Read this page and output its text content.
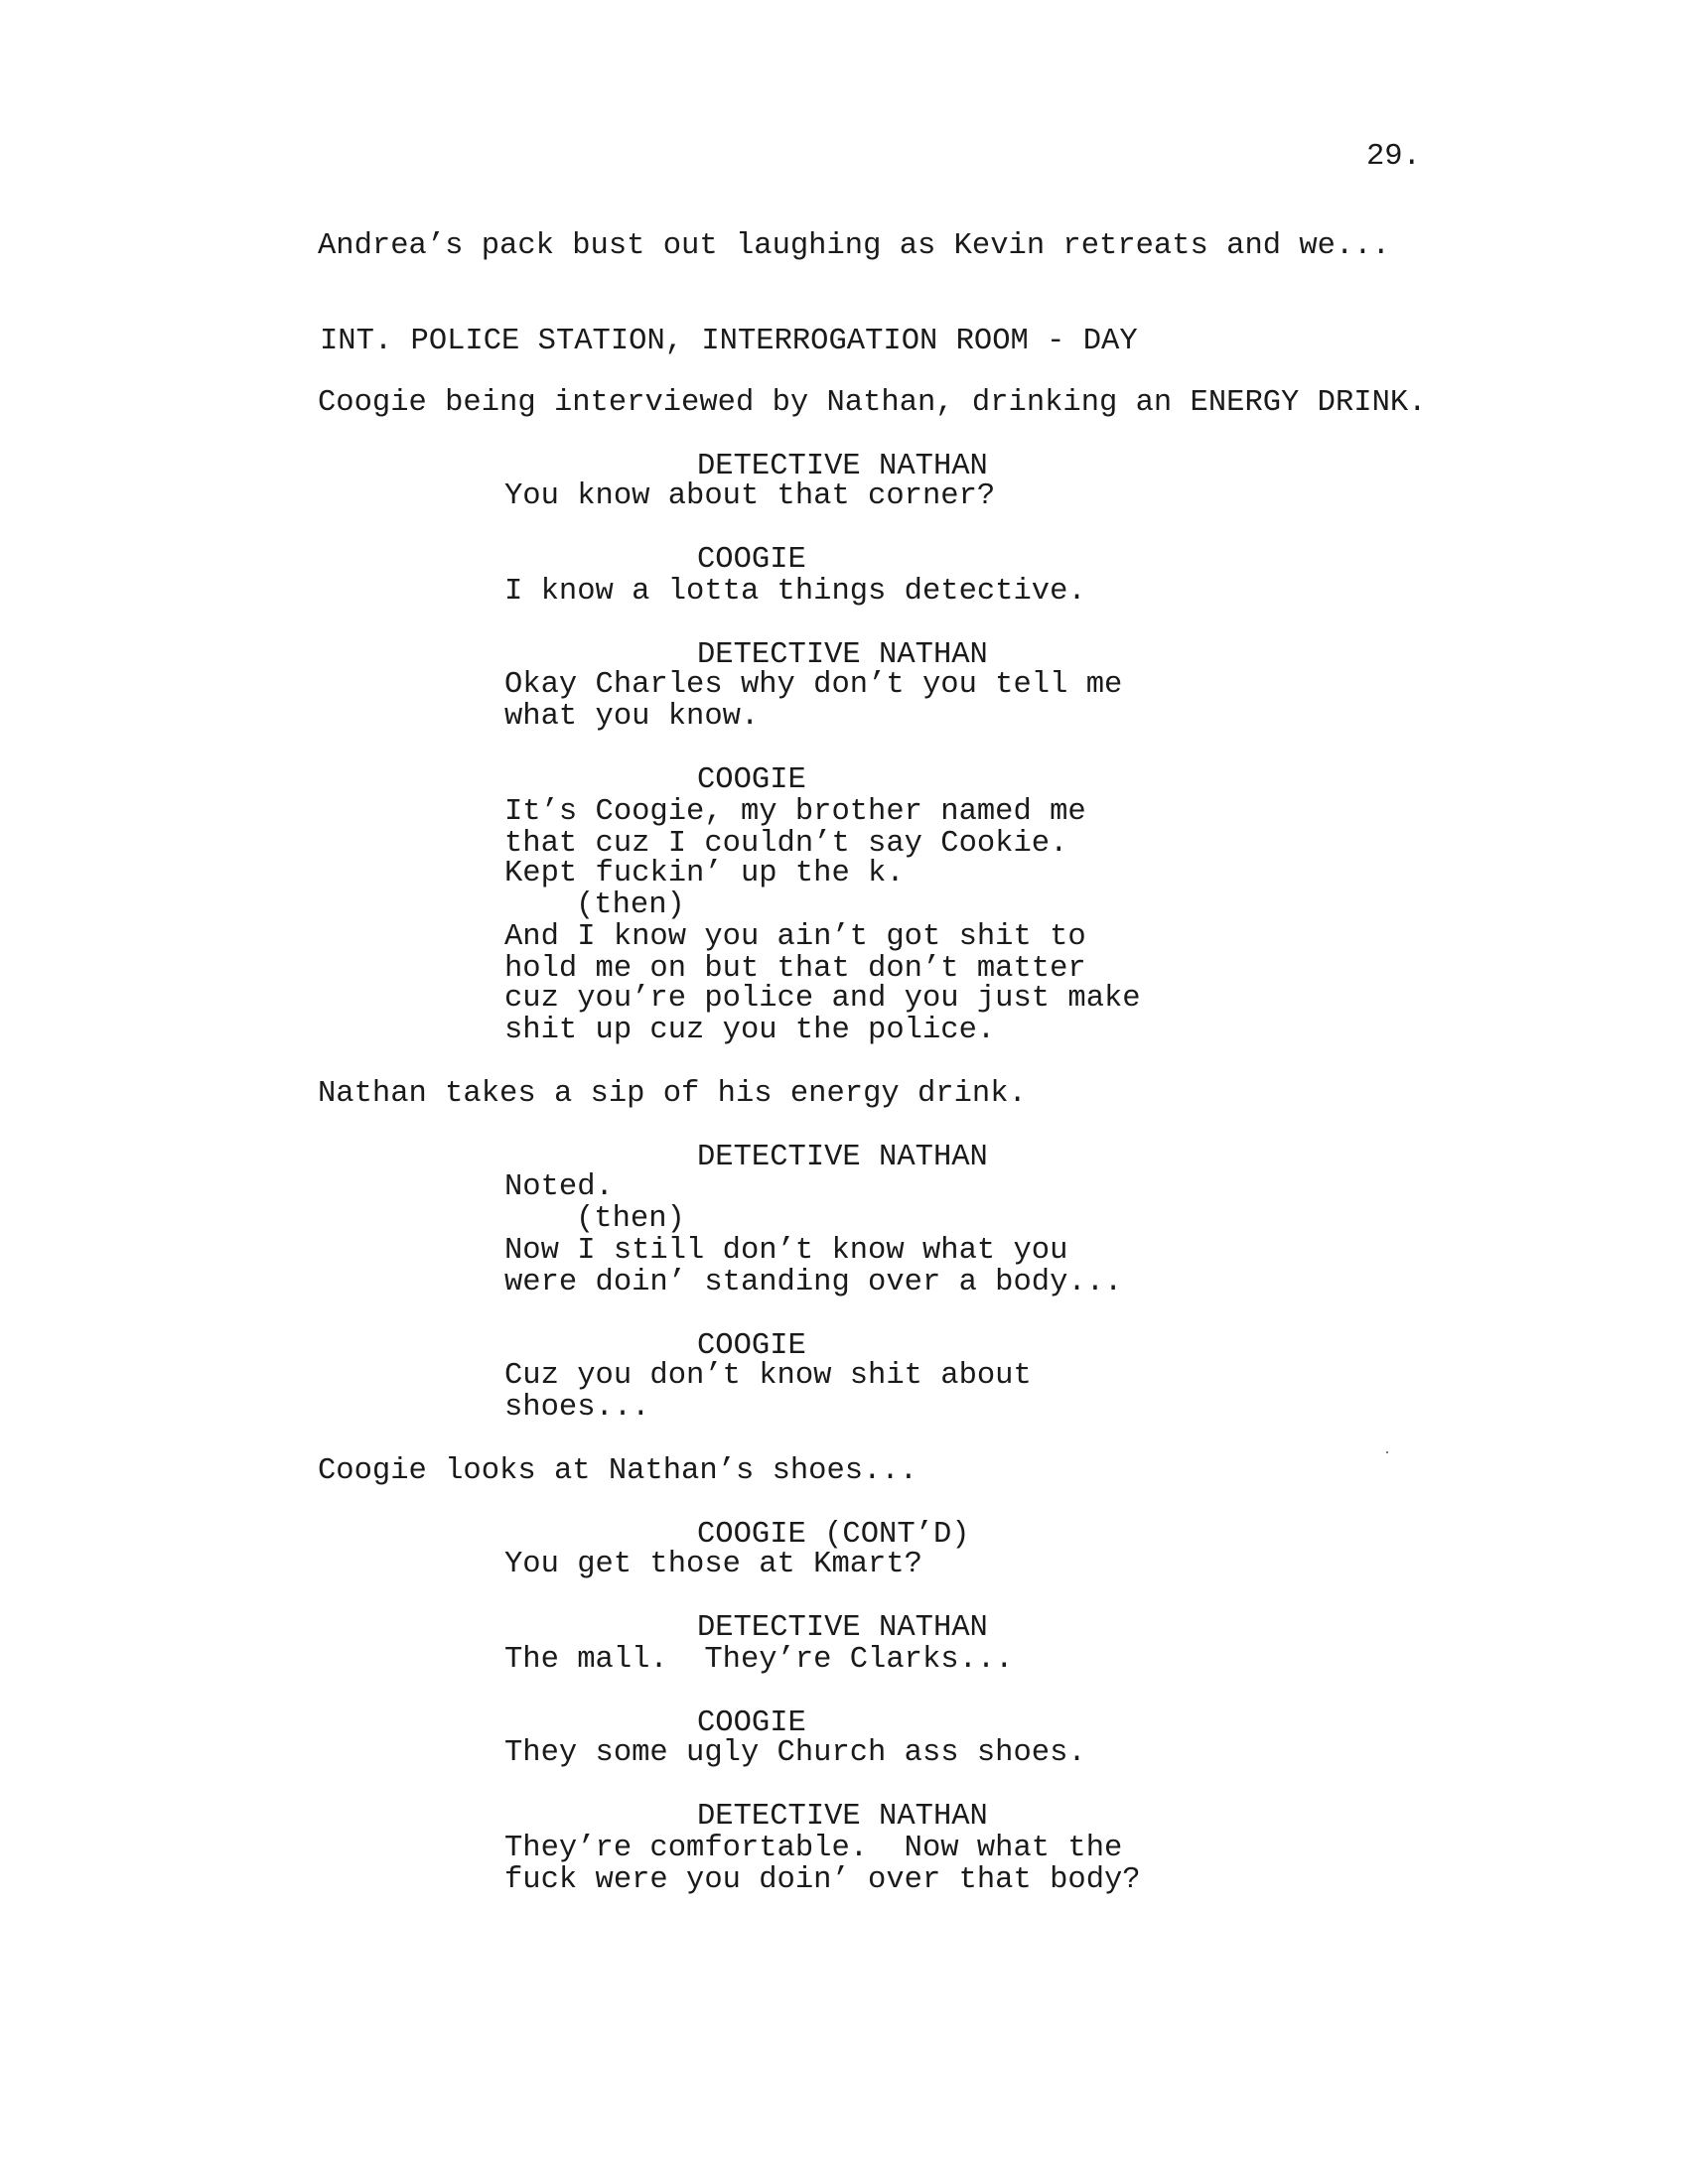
29.
Andrea’s pack bust out laughing as Kevin retreats and we...
INT. POLICE STATION, INTERROGATION ROOM - DAY
Coogie being interviewed by Nathan, drinking an ENERGY DRINK.
DETECTIVE NATHAN
You know about that corner?
COOGIE
I know a lotta things detective.
DETECTIVE NATHAN
Okay Charles why don’t you tell me
what you know.
COOGIE
It’s Coogie, my brother named me
that cuz I couldn’t say Cookie.
Kept fuckin’ up the k.
(then)
And I know you ain’t got shit to
hold me on but that don’t matter
cuz you’re police and you just make
shit up cuz you the police.
Nathan takes a sip of his energy drink.
DETECTIVE NATHAN
Noted.
(then)
Now I still don’t know what you
were doin’ standing over a body...
COOGIE
Cuz you don’t know shit about
shoes...
Coogie looks at Nathan’s shoes...
COOGIE (CONT’D)
You get those at Kmart?
DETECTIVE NATHAN
The mall.  They’re Clarks...
COOGIE
They some ugly Church ass shoes.
DETECTIVE NATHAN
They’re comfortable.  Now what the
fuck were you doin’ over that body?
